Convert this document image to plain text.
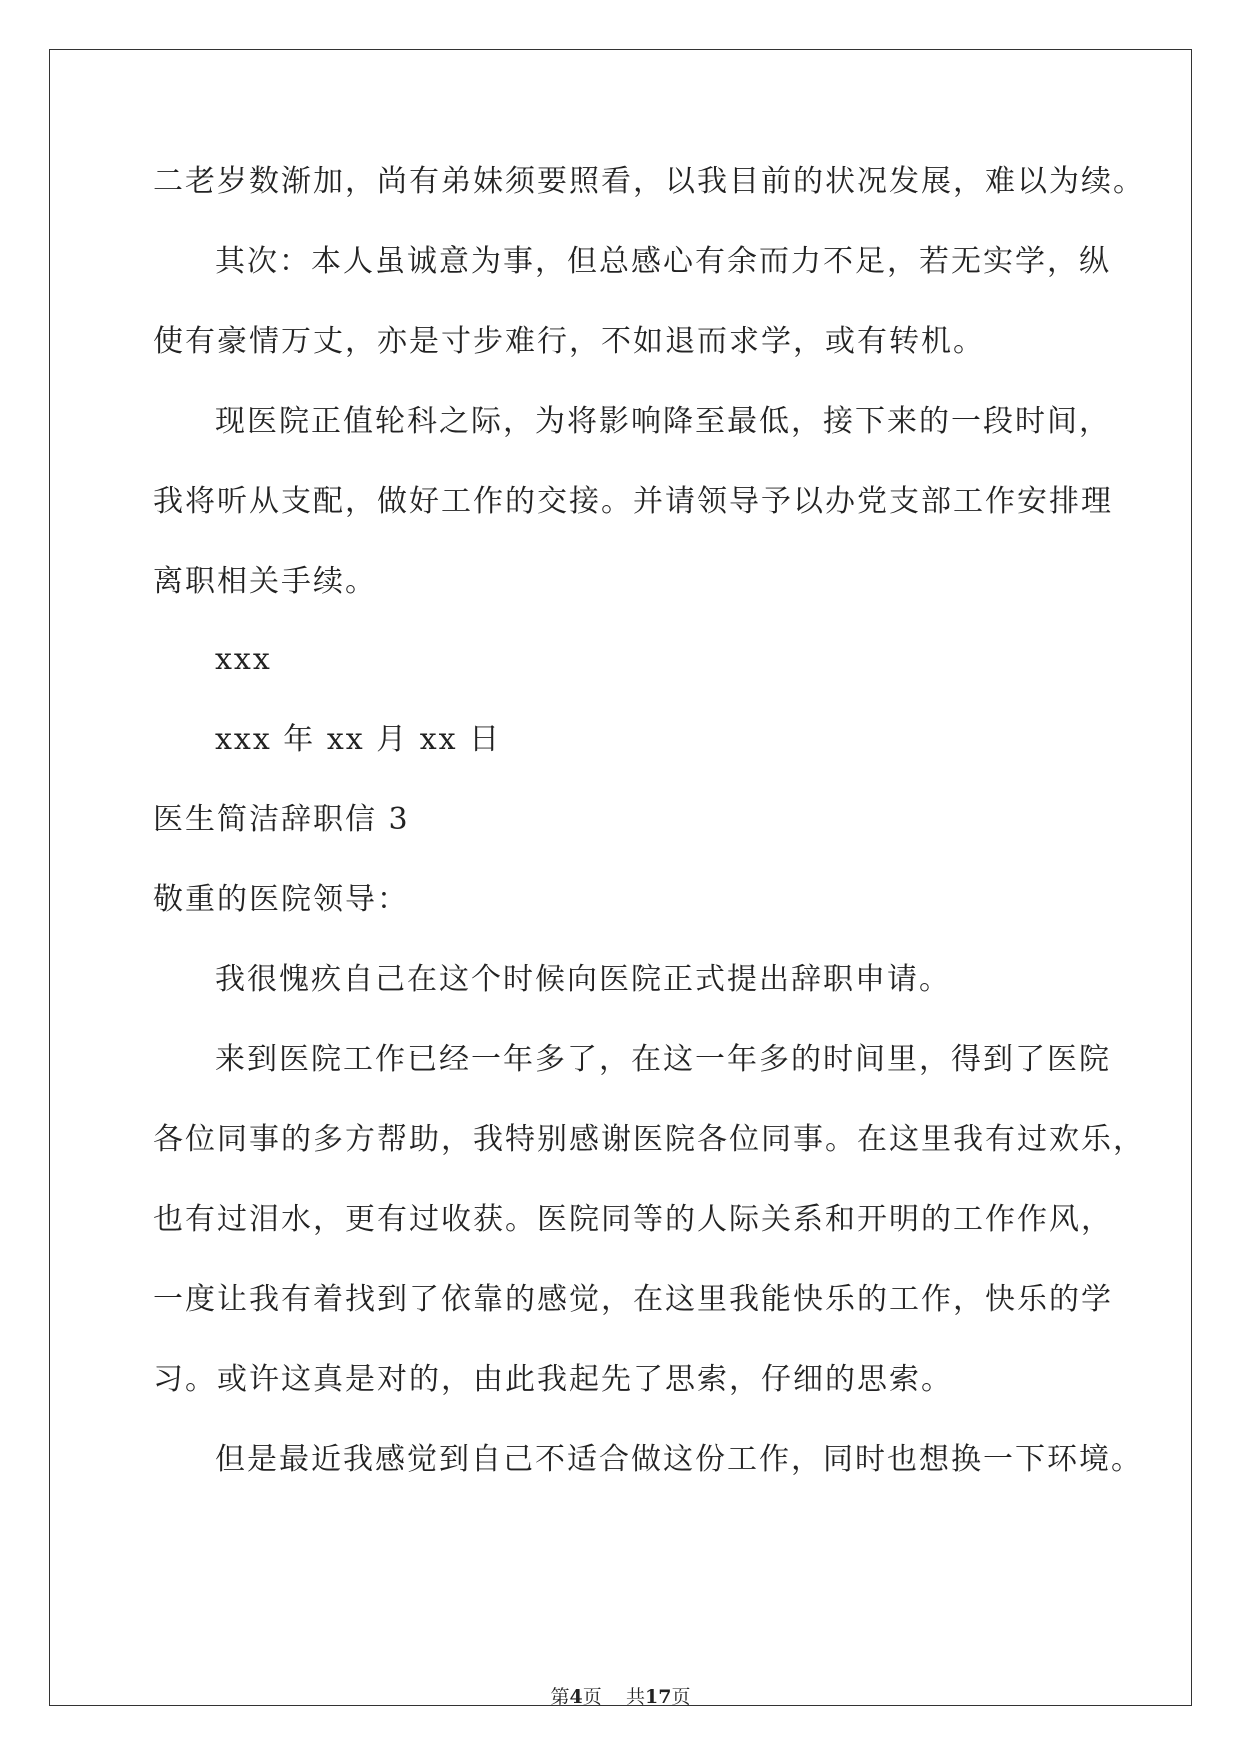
二老岁数渐加，尚有弟妹须要照看，以我目前的状况发展，难以为续。
其次：本人虽诚意为事，但总感心有余而力不足，若无实学，纵
使有豪情万丈，亦是寸步难行，不如退而求学，或有转机。
现医院正值轮科之际，为将影响降至最低，接下来的一段时间，
我将听从支配，做好工作的交接。并请领导予以办党支部工作安排理
离职相关手续。
xxx
xxx 年 xx 月 xx 日
医生简洁辞职信 3
敬重的医院领导：
我很愧疚自己在这个时候向医院正式提出辞职申请。
来到医院工作已经一年多了，在这一年多的时间里，得到了医院
各位同事的多方帮助，我特别感谢医院各位同事。在这里我有过欢乐，
也有过泪水，更有过收获。医院同等的人际关系和开明的工作作风，
一度让我有着找到了依靠的感觉，在这里我能快乐的工作，快乐的学
习。或许这真是对的，由此我起先了思索，仔细的思索。
但是最近我感觉到自己不适合做这份工作，同时也想换一下环境。
第4页 共17页
